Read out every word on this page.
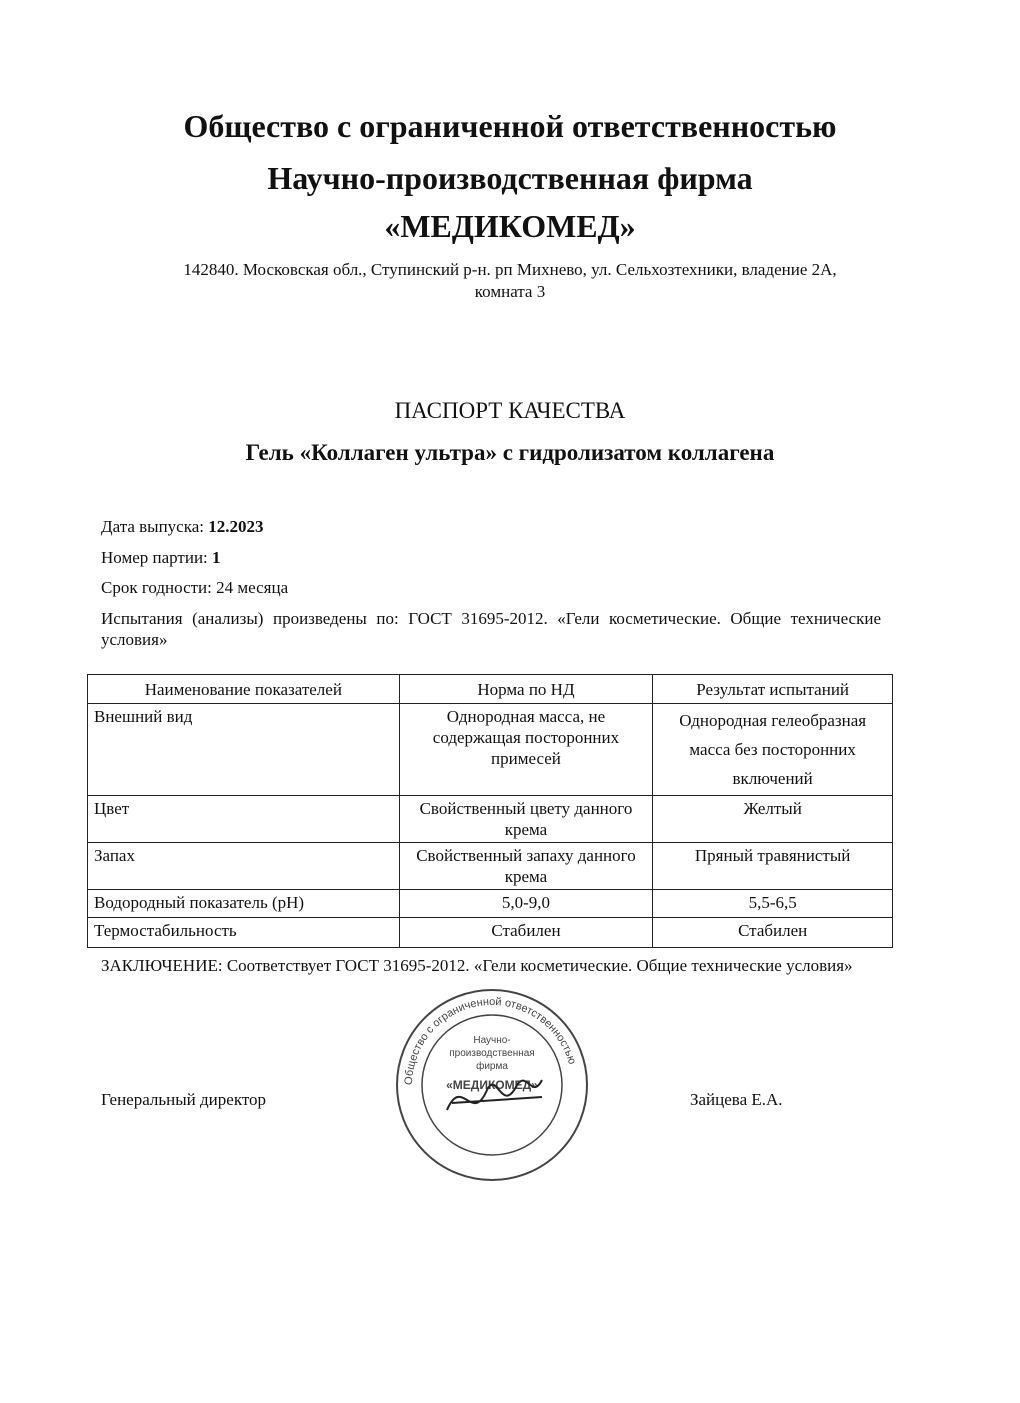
Общество с ограниченной ответственностью
Научно-производственная фирма
«МЕДИКОМЕД»
142840. Московская обл., Ступинский р-н. рп Михнево, ул. Сельхозтехники, владение 2А,
комната 3
ПАСПОРТ КАЧЕСТВА
Гель «Коллаген ультра» с гидролизатом коллагена
Дата выпуска: 12.2023
Номер партии: 1
Срок годности: 24 месяца
Испытания (анализы) произведены по: ГОСТ 31695-2012. «Гели косметические. Общие технические условия»
Наименование показателей	Норма по НД	Результат испытаний
Внешний вид	Однородная масса, не содержащая посторонних примесей	Однородная гелеобразная масса без посторонних включений
Цвет	Свойственный цвету данного крема	Желтый
Запах	Свойственный запаху данного крема	Пряный травянистый
Водородный показатель (pH)	5,0-9,0	5,5-6,5
Термостабильность	Стабилен	Стабилен
ЗАКЛЮЧЕНИЕ: Соответствует ГОСТ 31695-2012. «Гели косметические. Общие технические условия»
Генеральный директор	Зайцева Е.А.
Общество с ограниченной ответственностью
Научно-
производственная
фирма
«МЕДИКОМЕД»
